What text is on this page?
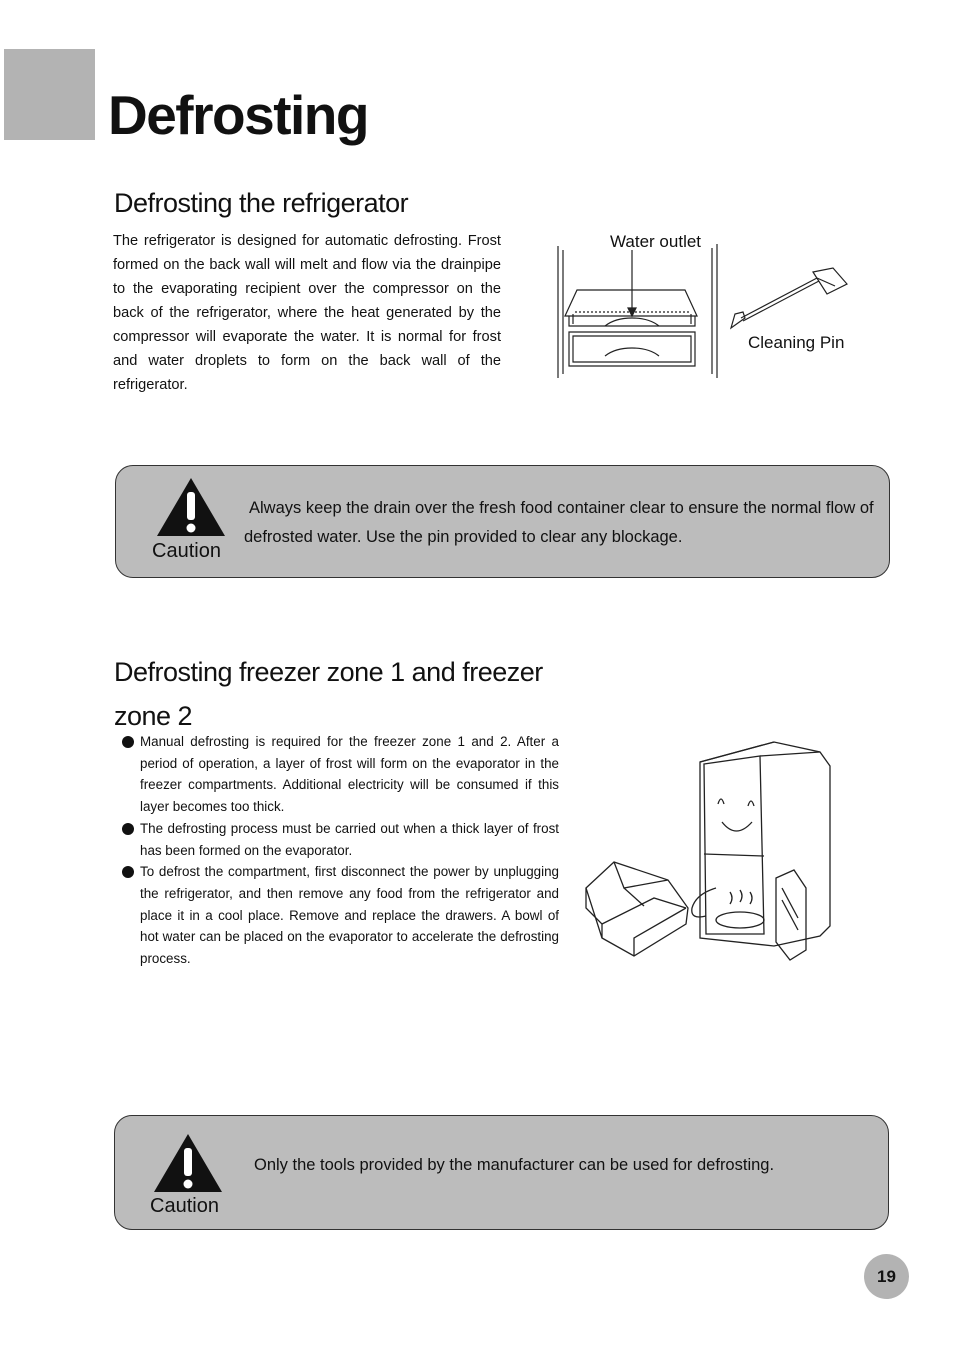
Defrosting
Defrosting the refrigerator

The refrigerator is designed for automatic defrosting. Frost formed on the back wall will melt and flow via the drainpipe to the evaporating recipient over the compressor on the back of the refrigerator, where the heat generated by the compressor will evaporate the water. It is normal for frost and water droplets to form on the back wall of the refrigerator.

Water outlet
Cleaning Pin
Caution

Always keep the drain over the fresh food container clear to ensure the normal flow of defrosted water. Use the pin provided to clear any blockage.

Defrosting freezer zone 1 and freezer zone 2
Manual defrosting is required for the freezer zone 1 and 2. After a period of operation, a layer of frost will form on the evaporator in the freezer compartments. Additional electricity will be consumed if this layer becomes too thick.
The defrosting process must be carried out when a thick layer of frost has been formed on the evaporator.
To defrost the compartment, first disconnect the power by unplugging the refrigerator, and then remove any food from the refrigerator and place it in a cool place. Remove and replace the drawers. A bowl of hot water can be placed on the evaporator to accelerate the defrosting process.
Caution

Only the tools provided by the manufacturer can be used for defrosting.

19
